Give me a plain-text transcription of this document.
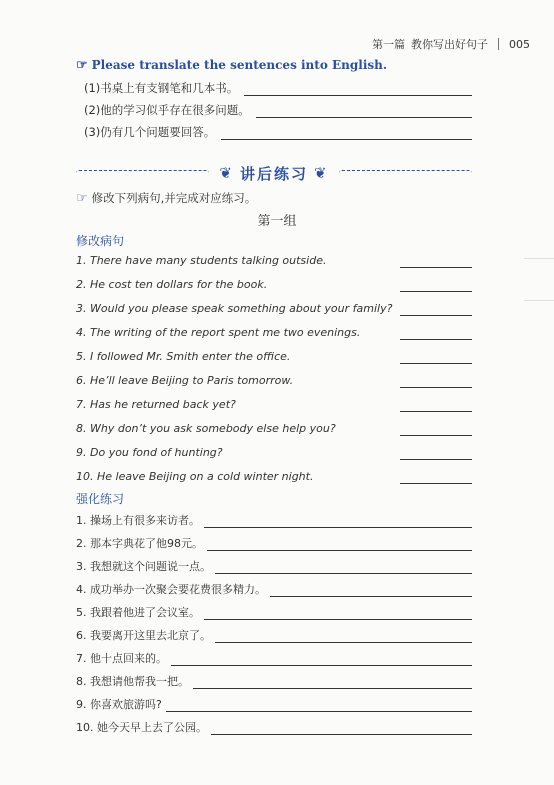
第一篇 教你写出好句子 005
☞ Please translate the sentences into English.
(1)书桌上有支钢笔和几本书。
(2)他的学习似乎存在很多问题。
(3)仍有几个问题要回答。
❦ 讲后练习 ❦
☞ 修改下列病句,并完成对应练习。
第一组
修改病句
1. There have many students talking outside.
2. He cost ten dollars for the book.
3. Would you please speak something about your family?
4. The writing of the report spent me two evenings.
5. I followed Mr. Smith enter the office.
6. He’ll leave Beijing to Paris tomorrow.
7. Has he returned back yet?
8. Why don’t you ask somebody else help you?
9. Do you fond of hunting?
10. He leave Beijing on a cold winter night.
强化练习
1. 操场上有很多来访者。
2. 那本字典花了他98元。
3. 我想就这个问题说一点。
4. 成功举办一次聚会要花费很多精力。
5. 我跟着他进了会议室。
6. 我要离开这里去北京了。
7. 他十点回来的。
8. 我想请他帮我一把。
9. 你喜欢旅游吗?
10. 她今天早上去了公园。
